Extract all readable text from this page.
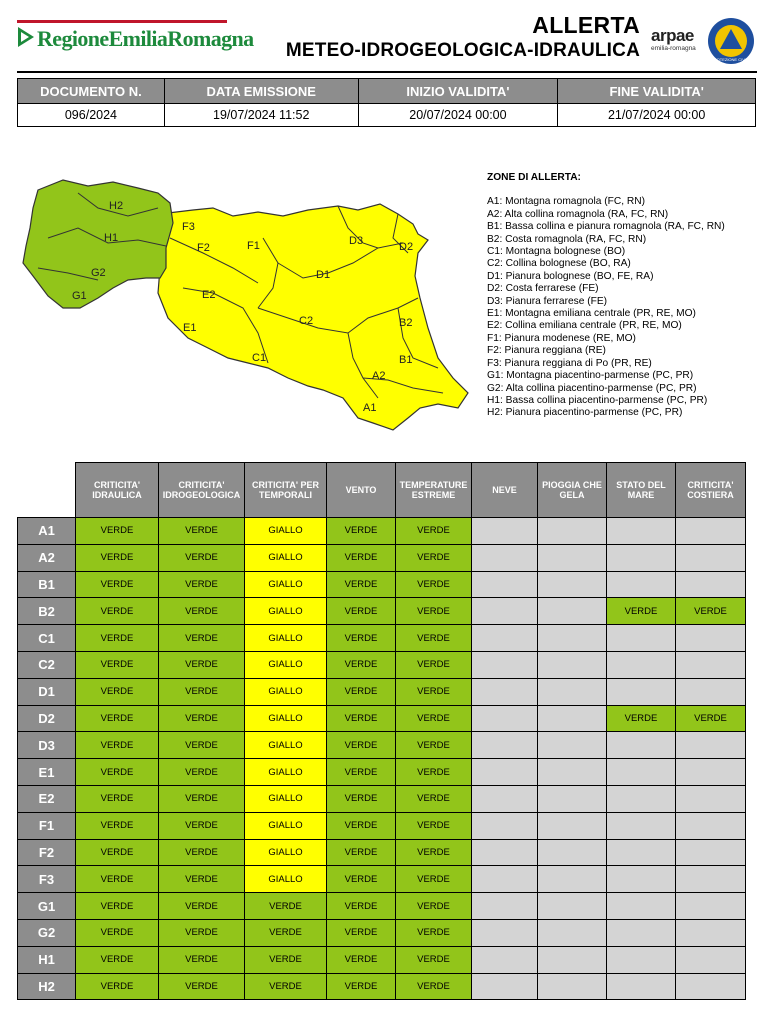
RegioneEmiliaRomagna
ALLERTA
METEO-IDROGEOLOGICA-IDRAULICA
arpae
emilia-romagna
PROTEZIONE CIVILE
DOCUMENTO N.	DATA EMISSIONE	INIZIO VALIDITA'	FINE VALIDITA'
096/2024	19/07/2024 11:52	20/07/2024 00:00	21/07/2024 00:00
H2
H1
G2
G1
F3
F2	F1
E2
E1
C1
C2
D1
D3	D2
B2
B1
A2
A1
ZONE DI ALLERTA:
A1: Montagna romagnola (FC, RN)
A2: Alta collina romagnola (RA, FC, RN)
B1: Bassa collina e pianura romagnola (RA, FC, RN)
B2: Costa romagnola (RA, FC, RN)
C1: Montagna bolognese (BO)
C2: Collina bolognese (BO, RA)
D1: Pianura bolognese (BO, FE, RA)
D2: Costa ferrarese (FE)
D3: Pianura ferrarese (FE)
E1: Montagna emiliana centrale (PR, RE, MO)
E2: Collina emiliana centrale (PR, RE, MO)
F1: Pianura modenese (RE, MO)
F2: Pianura reggiana (RE)
F3: Pianura reggiana di Po (PR, RE)
G1: Montagna piacentino-parmense (PC, PR)
G2: Alta collina piacentino-parmense (PC, PR)
H1: Bassa collina piacentino-parmense (PC, PR)
H2: Pianura piacentino-parmense (PC, PR)
	CRITICITA' IDRAULICA	CRITICITA' IDROGEOLOGICA	CRITICITA' PER TEMPORALI	VENTO	TEMPERATURE ESTREME	NEVE	PIOGGIA CHE GELA	STATO DEL MARE	CRITICITA' COSTIERA
A1	VERDE	VERDE	GIALLO	VERDE	VERDE				
A2	VERDE	VERDE	GIALLO	VERDE	VERDE				
B1	VERDE	VERDE	GIALLO	VERDE	VERDE				
B2	VERDE	VERDE	GIALLO	VERDE	VERDE			VERDE	VERDE
C1	VERDE	VERDE	GIALLO	VERDE	VERDE				
C2	VERDE	VERDE	GIALLO	VERDE	VERDE				
D1	VERDE	VERDE	GIALLO	VERDE	VERDE				
D2	VERDE	VERDE	GIALLO	VERDE	VERDE			VERDE	VERDE
D3	VERDE	VERDE	GIALLO	VERDE	VERDE				
E1	VERDE	VERDE	GIALLO	VERDE	VERDE				
E2	VERDE	VERDE	GIALLO	VERDE	VERDE				
F1	VERDE	VERDE	GIALLO	VERDE	VERDE				
F2	VERDE	VERDE	GIALLO	VERDE	VERDE				
F3	VERDE	VERDE	GIALLO	VERDE	VERDE				
G1	VERDE	VERDE	VERDE	VERDE	VERDE				
G2	VERDE	VERDE	VERDE	VERDE	VERDE				
H1	VERDE	VERDE	VERDE	VERDE	VERDE				
H2	VERDE	VERDE	VERDE	VERDE	VERDE				
